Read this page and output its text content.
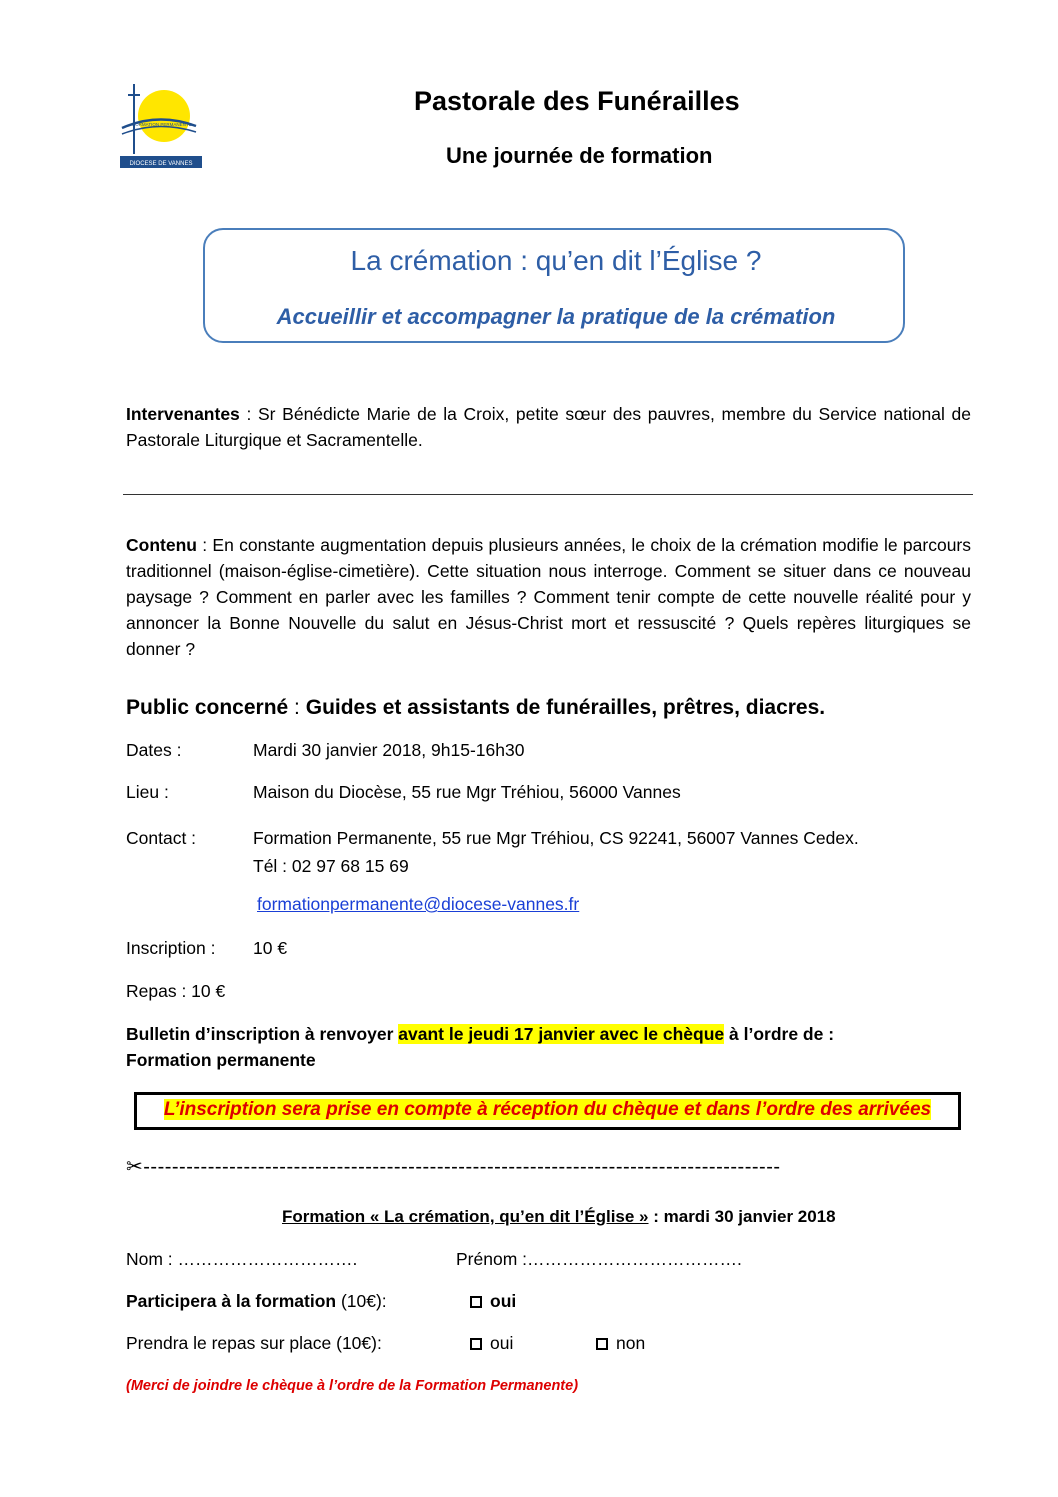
DIOCESE DE VANNES
FORMATION PERMANENTE
Pastorale des Funérailles
Une journée de formation
La crémation : qu’en dit l’Église ?
Accueillir et accompagner la pratique de la crémation
Intervenantes : Sr Bénédicte Marie de la Croix, petite sœur des pauvres, membre du Service national de Pastorale Liturgique et Sacramentelle.
Contenu : En constante augmentation depuis plusieurs années, le choix de la crémation modifie le parcours traditionnel (maison-église-cimetière). Cette situation nous interroge. Comment se situer dans ce nouveau paysage ? Comment en parler avec les familles ? Comment tenir compte de cette nouvelle réalité pour y annoncer la Bonne Nouvelle du salut en Jésus-Christ mort et ressuscité ? Quels repères liturgiques se donner ?
Public concerné : Guides et assistants de funérailles, prêtres, diacres.
Dates :	Mardi 30 janvier 2018, 9h15-16h30
Lieu :	Maison du Diocèse, 55 rue Mgr Tréhiou, 56000 Vannes
Contact :	Formation Permanente, 55 rue Mgr Tréhiou, CS 92241, 56007 Vannes Cedex.
Tél : 02 97 68 15 69
formationpermanente@diocese-vannes.fr
Inscription : 10 €
Repas : 10 €
Bulletin d’inscription à renvoyer avant le jeudi 17 janvier avec le chèque à l’ordre de :
Formation permanente
L’inscription sera prise en compte à réception du chèque et dans l’ordre des arrivées
✂-----------------------------------------------------------------------------------------
Formation « La crémation, qu’en dit l’Église » : mardi 30 janvier 2018
Nom : ………………………….	Prénom :……………………………….
Participera à la formation (10€):	oui
Prendra le repas sur place (10€):	oui	non
(Merci de joindre le chèque à l’ordre de la Formation Permanente)
